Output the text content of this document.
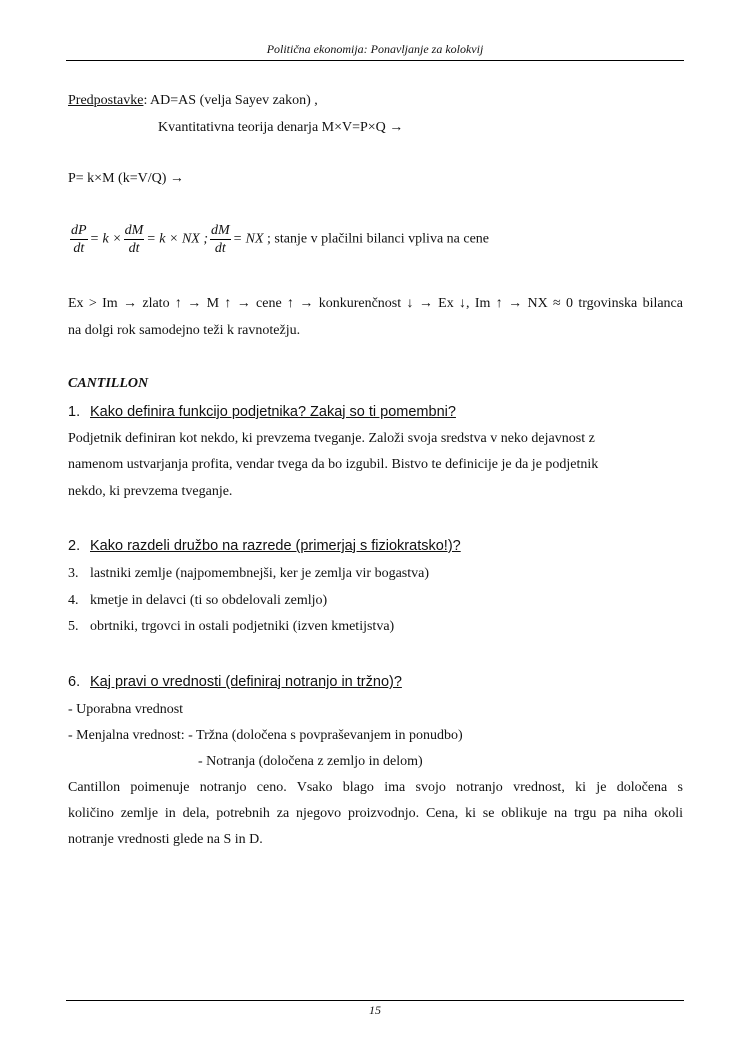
Politična ekonomija: Ponavljanje za kolokvij
Predpostavke: AD=AS (velja Sayev zakon) ,
Kvantitativna teorija denarja M×V=P×Q →
P= k×M (k=V/Q) →
$\frac{dP}{dt} = k \times \frac{dM}{dt} = k$ × NX ; $\frac{dM}{dt}$ = NX ; stanje v plačilni bilanci vpliva na cene
Ex > Im → zlato ↑ → M ↑ → cene ↑ → konkurenčnost ↓ → Ex ↓, Im ↑ → NX ≈ 0 trgovinska bilanca
na dolgi rok samodejno teži k ravnotežju.
CANTILLON
1. Kako definira funkcijo podjetnika? Zakaj so ti pomembni?
Podjetnik definiran kot nekdo, ki prevzema tveganje. Založi svoja sredstva v neko dejavnost z
namenom ustvarjanja profita, vendar tvega da bo izgubil. Bistvo te definicije je da je podjetnik
nekdo, ki prevzema tveganje.
2. Kako razdeli družbo na razrede (primerjaj s fiziokratsko!)?
3. lastniki zemlje (najpomembnejši, ker je zemlja vir bogastva)
4. kmetje in delavci (ti so obdelovali zemljo)
5. obrtniki, trgovci in ostali podjetniki (izven kmetijstva)
6. Kaj pravi o vrednosti (definiraj notranjo in tržno)?
- Uporabna vrednost
- Menjalna vrednost: - Tržna (določena s povpraševanjem in ponudbo)
- Notranja (določena z zemljo in delom)
Cantillon poimenuje notranjo ceno. Vsako blago ima svojo notranjo vrednost, ki je določena s
količino zemlje in dela, potrebnih za njegovo proizvodnjo. Cena, ki se oblikuje na trgu pa niha okoli
notranje vrednosti glede na S in D.
15
